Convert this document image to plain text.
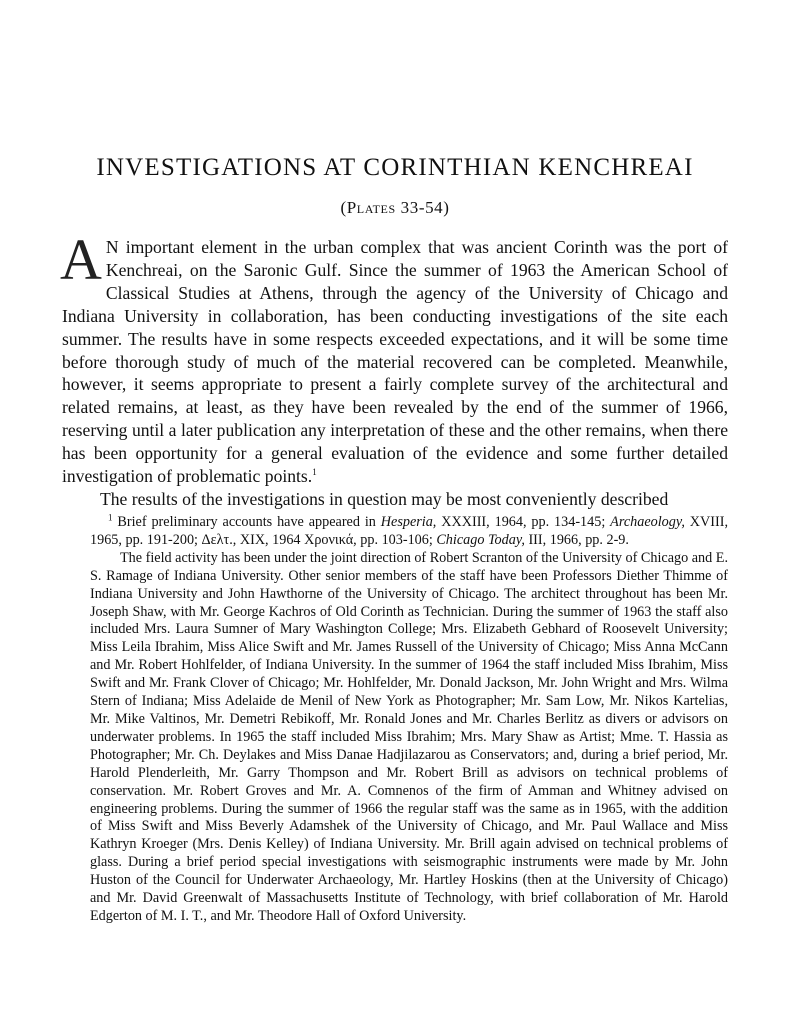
INVESTIGATIONS AT CORINTHIAN KENCHREAI

(Plates 33-54)

A N important element in the urban complex that was ancient Corinth was the port of Kenchreai, on the Saronic Gulf. Since the summer of 1963 the American School of Classical Studies at Athens, through the agency of the University of Chicago and Indiana University in collaboration, has been conducting investigations of the site each summer. The results have in some respects exceeded expectations, and it will be some time before thorough study of much of the material recovered can be completed. Meanwhile, however, it seems appropriate to present a fairly complete survey of the architectural and related remains, at least, as they have been revealed by the end of the summer of 1966, reserving until a later publication any interpretation of these and the other remains, when there has been opportunity for a general evaluation of the evidence and some further detailed investigation of problematic points.$^1$

The results of the investigations in question may be most conveniently described

$^1$ Brief preliminary accounts have appeared in Hesperia, XXXIII, 1964, pp. 134-145; Archaeology, XVIII, 1965, pp. 191-200; Δελτ., XIX, 1964 Χρονικά, pp. 103-106; Chicago Today, III, 1966, pp. 2-9.

The field activity has been under the joint direction of Robert Scranton of the University of Chicago and E. S. Ramage of Indiana University. Other senior members of the staff have been Professors Diether Thimme of Indiana University and John Hawthorne of the University of Chicago. The architect throughout has been Mr. Joseph Shaw, with Mr. George Kachros of Old Corinth as Technician. During the summer of 1963 the staff also included Mrs. Laura Sumner of Mary Washington College; Mrs. Elizabeth Gebhard of Roosevelt University; Miss Leila Ibrahim, Miss Alice Swift and Mr. James Russell of the University of Chicago; Miss Anna McCann and Mr. Robert Hohlfelder, of Indiana University. In the summer of 1964 the staff included Miss Ibrahim, Miss Swift and Mr. Frank Clover of Chicago; Mr. Hohlfelder, Mr. Donald Jackson, Mr. John Wright and Mrs. Wilma Stern of Indiana; Miss Adelaide de Menil of New York as Photographer; Mr. Sam Low, Mr. Nikos Kartelias, Mr. Mike Valtinos, Mr. Demetri Rebikoff, Mr. Ronald Jones and Mr. Charles Berlitz as divers or advisors on underwater problems. In 1965 the staff included Miss Ibrahim; Mrs. Mary Shaw as Artist; Mme. T. Hassia as Photographer; Mr. Ch. Deylakes and Miss Danae Hadjilazarou as Conservators; and, during a brief period, Mr. Harold Plenderleith, Mr. Garry Thompson and Mr. Robert Brill as advisors on technical problems of conservation. Mr. Robert Groves and Mr. A. Comnenos of the firm of Amman and Whitney advised on engineering problems. During the summer of 1966 the regular staff was the same as in 1965, with the addition of Miss Swift and Miss Beverly Adamshek of the University of Chicago, and Mr. Paul Wallace and Miss Kathryn Kroeger (Mrs. Denis Kelley) of Indiana University. Mr. Brill again advised on technical problems of glass. During a brief period special investigations with seismographic instruments were made by Mr. John Huston of the Council for Underwater Archaeology, Mr. Hartley Hoskins (then at the University of Chicago) and Mr. David Greenwalt of Massachusetts Institute of Technology, with brief collaboration of Mr. Harold Edgerton of M. I. T., and Mr. Theodore Hall of Oxford University.
